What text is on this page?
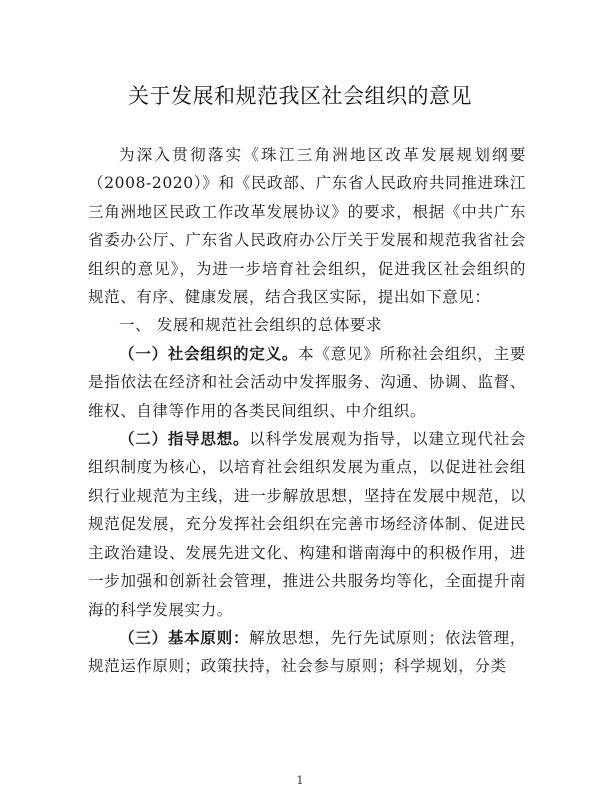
关于发展和规范我区社会组织的意见

为深入贯彻落实《珠江三角洲地区改革发展规划纲要（2008-2020）》和《民政部、广东省人民政府共同推进珠江三角洲地区民政工作改革发展协议》的要求，根据《中共广东省委办公厅、广东省人民政府办公厅关于发展和规范我省社会组织的意见》，为进一步培育社会组织，促进我区社会组织的规范、有序、健康发展，结合我区实际，提出如下意见：

一、 发展和规范社会组织的总体要求

（一）社会组织的定义。本《意见》所称社会组织，主要是指依法在经济和社会活动中发挥服务、沟通、协调、监督、维权、自律等作用的各类民间组织、中介组织。

（二）指导思想。以科学发展观为指导，以建立现代社会组织制度为核心，以培育社会组织发展为重点，以促进社会组织行业规范为主线，进一步解放思想，坚持在发展中规范，以规范促发展，充分发挥社会组织在完善市场经济体制、促进民主政治建设、发展先进文化、构建和谐南海中的积极作用，进一步加强和创新社会管理，推进公共服务均等化，全面提升南海的科学发展实力。

（三）基本原则：解放思想，先行先试原则；依法管理，规范运作原则；政策扶持，社会参与原则；科学规划，分类

1
